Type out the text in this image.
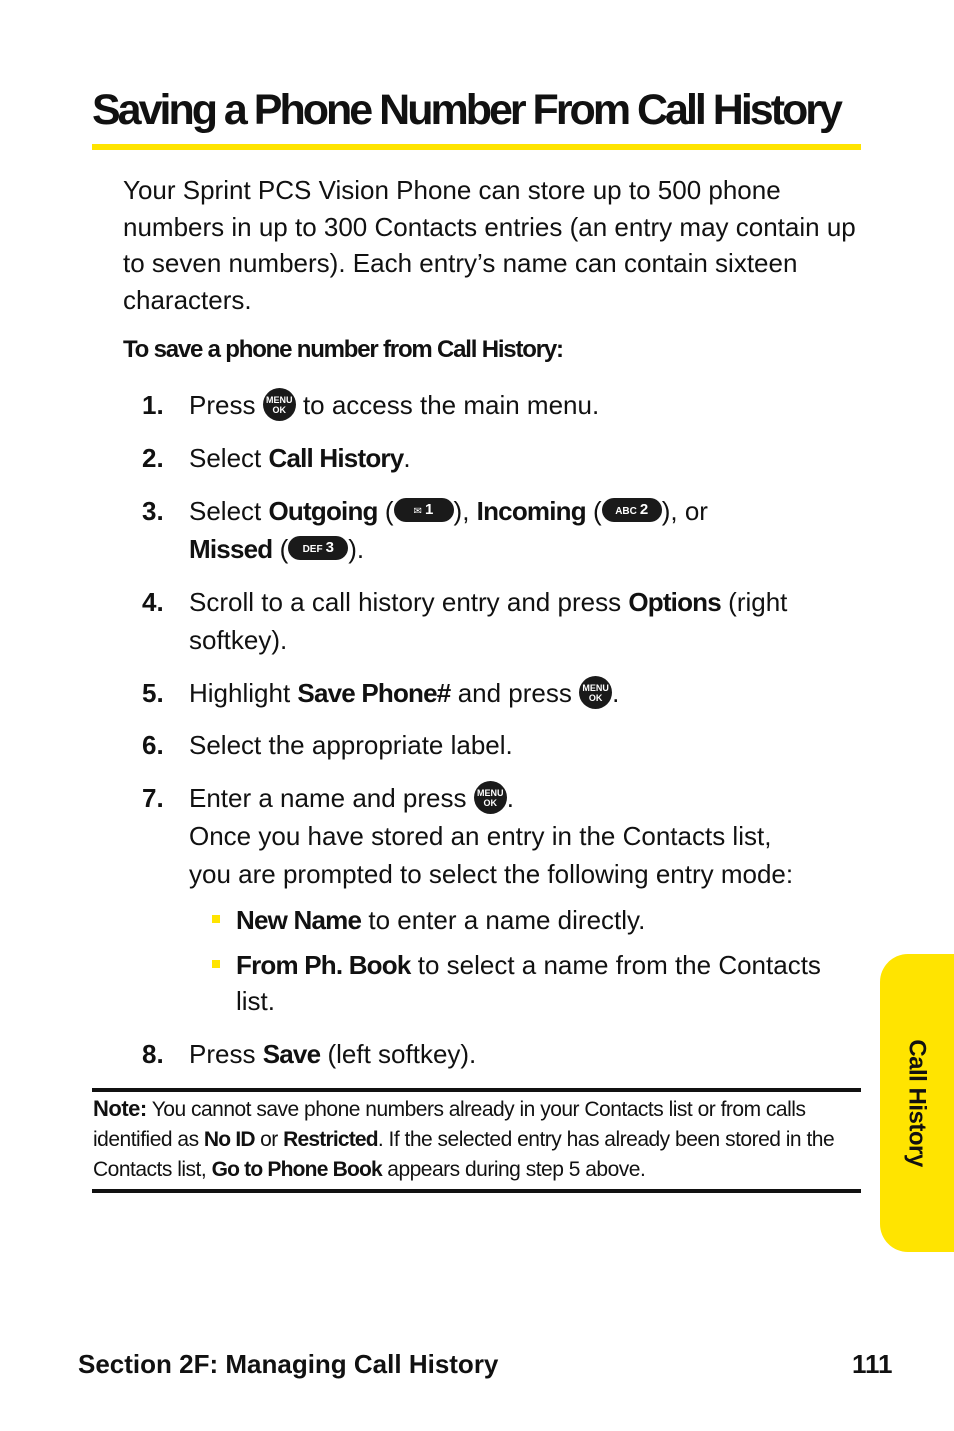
Saving a Phone Number From Call History

Your Sprint PCS Vision Phone can store up to 500 phone numbers in up to 300 Contacts entries (an entry may contain up to seven numbers). Each entry’s name can contain sixteen characters.

To save a phone number from Call History:
1. Press MENU
OK to access the main menu.
2. Select Call History.
3. Select Outgoing ( ✉ 1 ), Incoming ( ABC 2 ), or
Missed ( DEF 3 ).
4. Scroll to a call history entry and press Options (right softkey).
5. Highlight Save Phone# and press MENU
OK .
6. Select the appropriate label.
7. Enter a name and press MENU
OK .
Once you have stored an entry in the Contacts list,
you are prompted to select the following entry mode:
New Name to enter a name directly.
From Ph. Book to select a name from the Contacts list.
8. Press Save (left softkey).

Note: You cannot save phone numbers already in your Contacts list or from calls identified as No ID or Restricted. If the selected entry has already been stored in the Contacts list, Go to Phone Book appears during step 5 above.

Call History
Section 2F: Managing Call History	111
